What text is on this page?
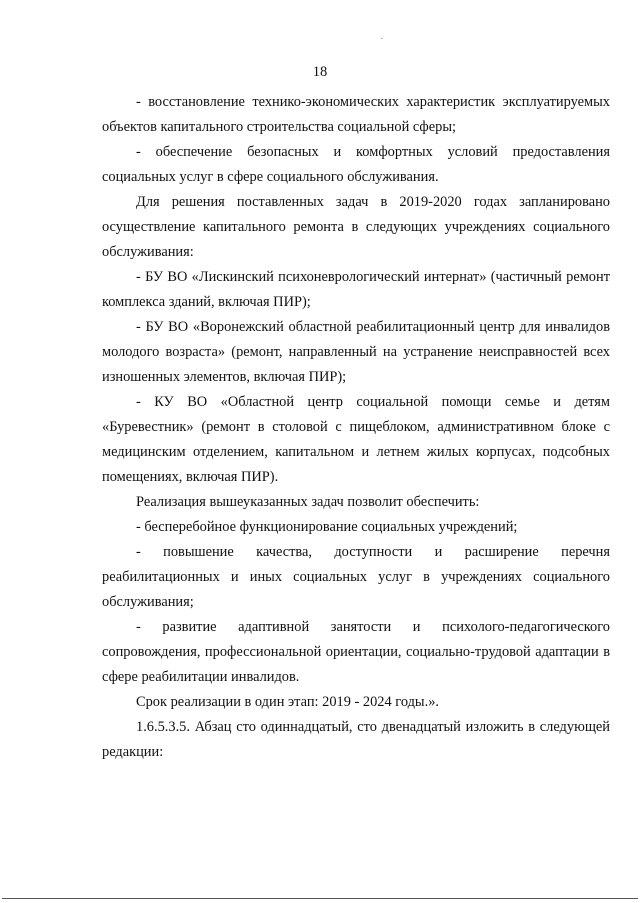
18

- восстановление технико-экономических характеристик эксплуатируемых объектов капитального строительства социальной сферы;

- обеспечение безопасных и комфортных условий предоставления социальных услуг в сфере социального обслуживания.

Для решения поставленных задач в 2019-2020 годах запланировано осуществление капитального ремонта в следующих учреждениях социального обслуживания:

- БУ ВО «Лискинский психоневрологический интернат» (частичный ремонт комплекса зданий, включая ПИР);

- БУ ВО «Воронежский областной реабилитационный центр для инвалидов молодого возраста» (ремонт, направленный на устранение неисправностей всех изношенных элементов, включая ПИР);

- КУ ВО «Областной центр социальной помощи семье и детям «Буревестник» (ремонт в столовой с пищеблоком, административном блоке с медицинским отделением, капитальном и летнем жилых корпусах, подсобных помещениях, включая ПИР).

Реализация вышеуказанных задач позволит обеспечить:

- бесперебойное функционирование социальных учреждений;

- повышение качества, доступности и расширение перечня реабилитационных и иных социальных услуг в учреждениях социального обслуживания;

- развитие адаптивной занятости и психолого-педагогического сопровождения, профессиональной ориентации, социально-трудовой адаптации в сфере реабилитации инвалидов.

Срок реализации в один этап: 2019 - 2024 годы.».

1.6.5.3.5. Абзац сто одиннадцатый, сто двенадцатый изложить в следующей редакции:
